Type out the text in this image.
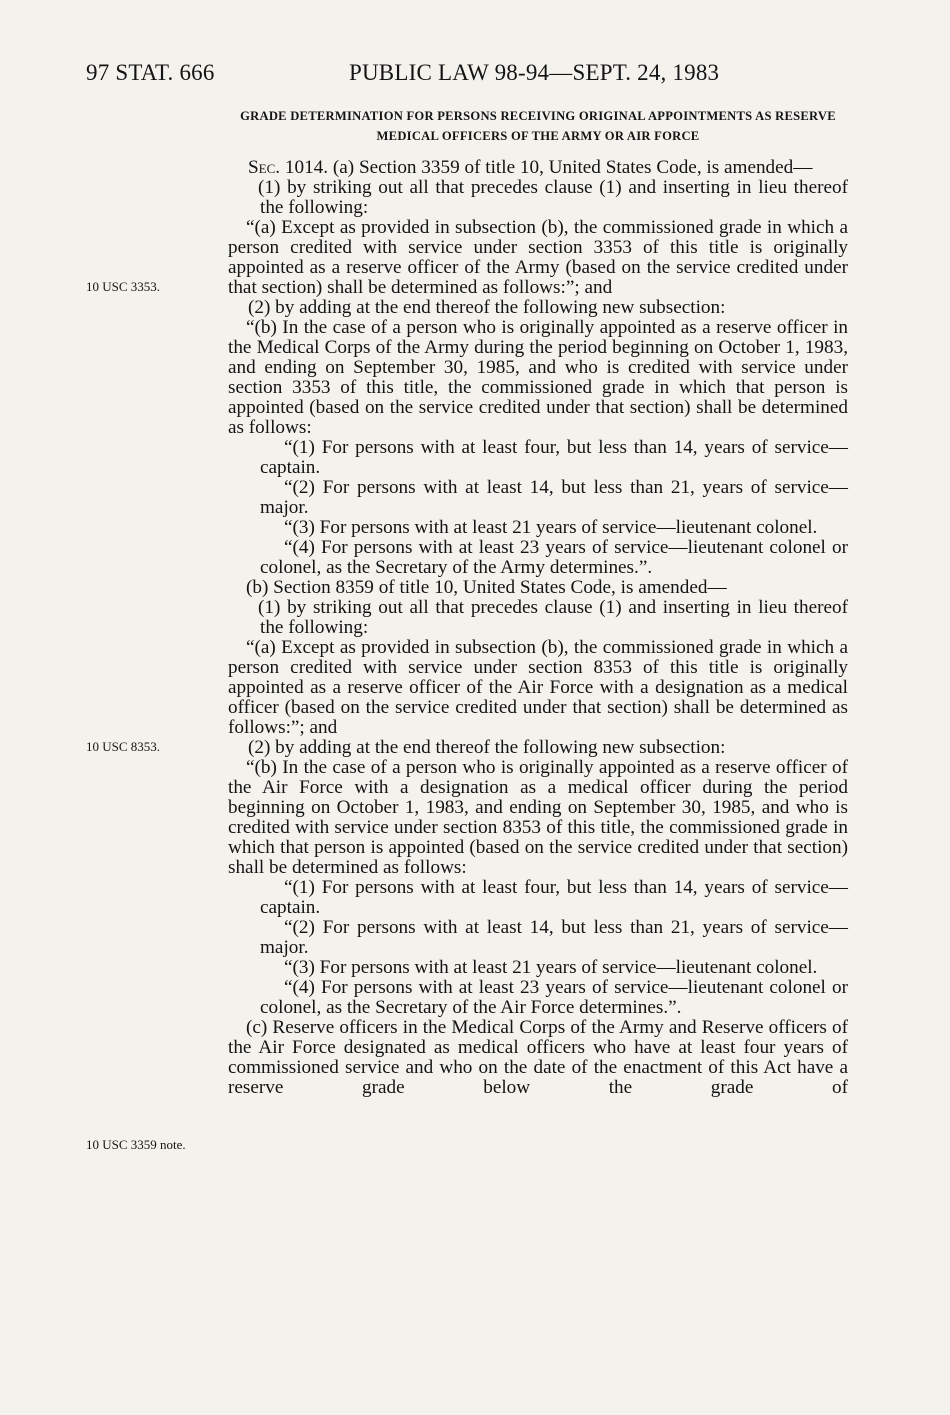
97 STAT. 666	PUBLIC LAW 98-94—SEPT. 24, 1983
GRADE DETERMINATION FOR PERSONS RECEIVING ORIGINAL APPOINTMENTS AS RESERVE MEDICAL OFFICERS OF THE ARMY OR AIR FORCE
10 USC 3353.
10 USC 8353.
10 USC 3359 note.

Sec. 1014. (a) Section 3359 of title 10, United States Code, is amended—

(1) by striking out all that precedes clause (1) and inserting in lieu thereof the following:

“(a) Except as provided in subsection (b), the commissioned grade in which a person credited with service under section 3353 of this title is originally appointed as a reserve officer of the Army (based on the service credited under that section) shall be determined as follows:”; and

(2) by adding at the end thereof the following new subsection:

“(b) In the case of a person who is originally appointed as a reserve officer in the Medical Corps of the Army during the period beginning on October 1, 1983, and ending on September 30, 1985, and who is credited with service under section 3353 of this title, the commissioned grade in which that person is appointed (based on the service credited under that section) shall be determined as follows:

“(1) For persons with at least four, but less than 14, years of service—captain.

“(2) For persons with at least 14, but less than 21, years of service—major.

“(3) For persons with at least 21 years of service—lieutenant colonel.

“(4) For persons with at least 23 years of service—lieutenant colonel or colonel, as the Secretary of the Army determines.”.

(b) Section 8359 of title 10, United States Code, is amended—

(1) by striking out all that precedes clause (1) and inserting in lieu thereof the following:

“(a) Except as provided in subsection (b), the commissioned grade in which a person credited with service under section 8353 of this title is originally appointed as a reserve officer of the Air Force with a designation as a medical officer (based on the service credited under that section) shall be determined as follows:”; and

(2) by adding at the end thereof the following new subsection:

“(b) In the case of a person who is originally appointed as a reserve officer of the Air Force with a designation as a medical officer during the period beginning on October 1, 1983, and ending on September 30, 1985, and who is credited with service under section 8353 of this title, the commissioned grade in which that person is appointed (based on the service credited under that section) shall be determined as follows:

“(1) For persons with at least four, but less than 14, years of service—captain.

“(2) For persons with at least 14, but less than 21, years of service—major.

“(3) For persons with at least 21 years of service—lieutenant colonel.

“(4) For persons with at least 23 years of service—lieutenant colonel or colonel, as the Secretary of the Air Force determines.”.

(c) Reserve officers in the Medical Corps of the Army and Reserve officers of the Air Force designated as medical officers who have at least four years of commissioned service and who on the date of the enactment of this Act have a reserve grade below the grade of
